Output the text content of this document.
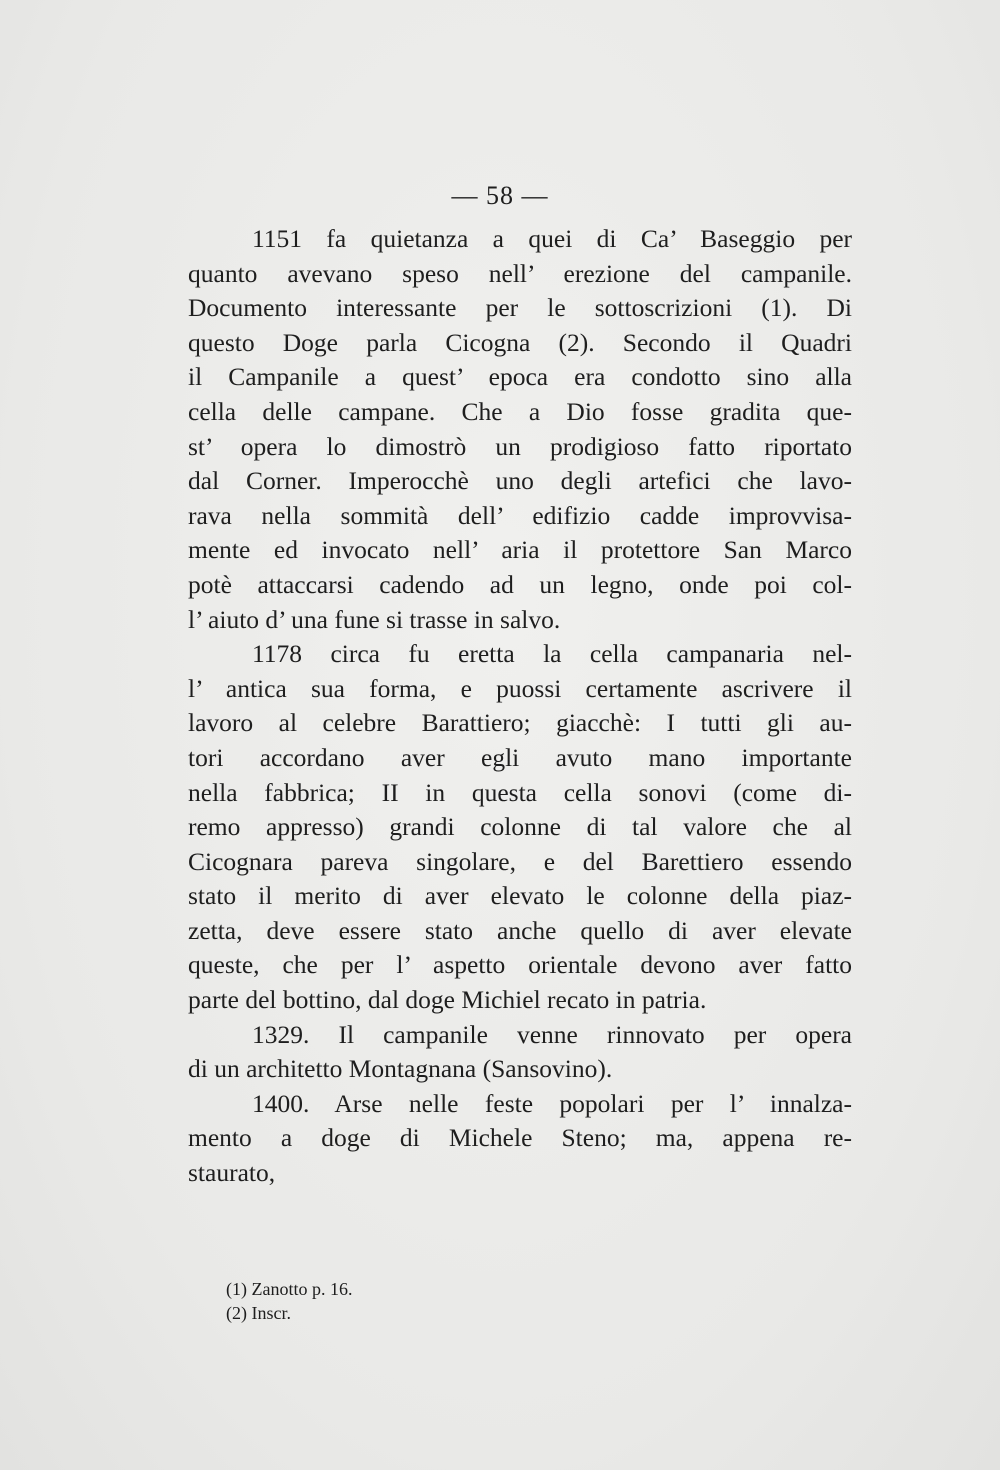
— 58 —
1151 fa quietanza a quei di Ca’ Baseggio per
quanto avevano speso nell’ erezione del campanile.
Documento interessante per le sottoscrizioni (1). Di
questo Doge parla Cicogna (2). Secondo il Quadri
il Campanile a quest’ epoca era condotto sino alla
cella delle campane. Che a Dio fosse gradita que-
st’ opera lo dimostrò un prodigioso fatto riportato
dal Corner. Imperocchè uno degli artefici che lavo-
rava nella sommità dell’ edifizio cadde improvvisa-
mente ed invocato nell’ aria il protettore San Marco
potè attaccarsi cadendo ad un legno, onde poi col-
l’ aiuto d’ una fune si trasse in salvo.
1178 circa fu eretta la cella campanaria nel-
l’ antica sua forma, e puossi certamente ascrivere il
lavoro al celebre Barattiero; giacchè: I tutti gli au-
tori accordano aver egli avuto mano importante
nella fabbrica; II in questa cella sonovi (come di-
remo appresso) grandi colonne di tal valore che al
Cicognara pareva singolare, e del Barettiero essendo
stato il merito di aver elevato le colonne della piaz-
zetta, deve essere stato anche quello di aver elevate
queste, che per l’ aspetto orientale devono aver fatto
parte del bottino, dal doge Michiel recato in patria.
1329. Il campanile venne rinnovato per opera
di un architetto Montagnana (Sansovino).
1400. Arse nelle feste popolari per l’ innalza-
mento a doge di Michele Steno; ma, appena re-
staurato,
(1) Zanotto p. 16.
(2) Inscr.
